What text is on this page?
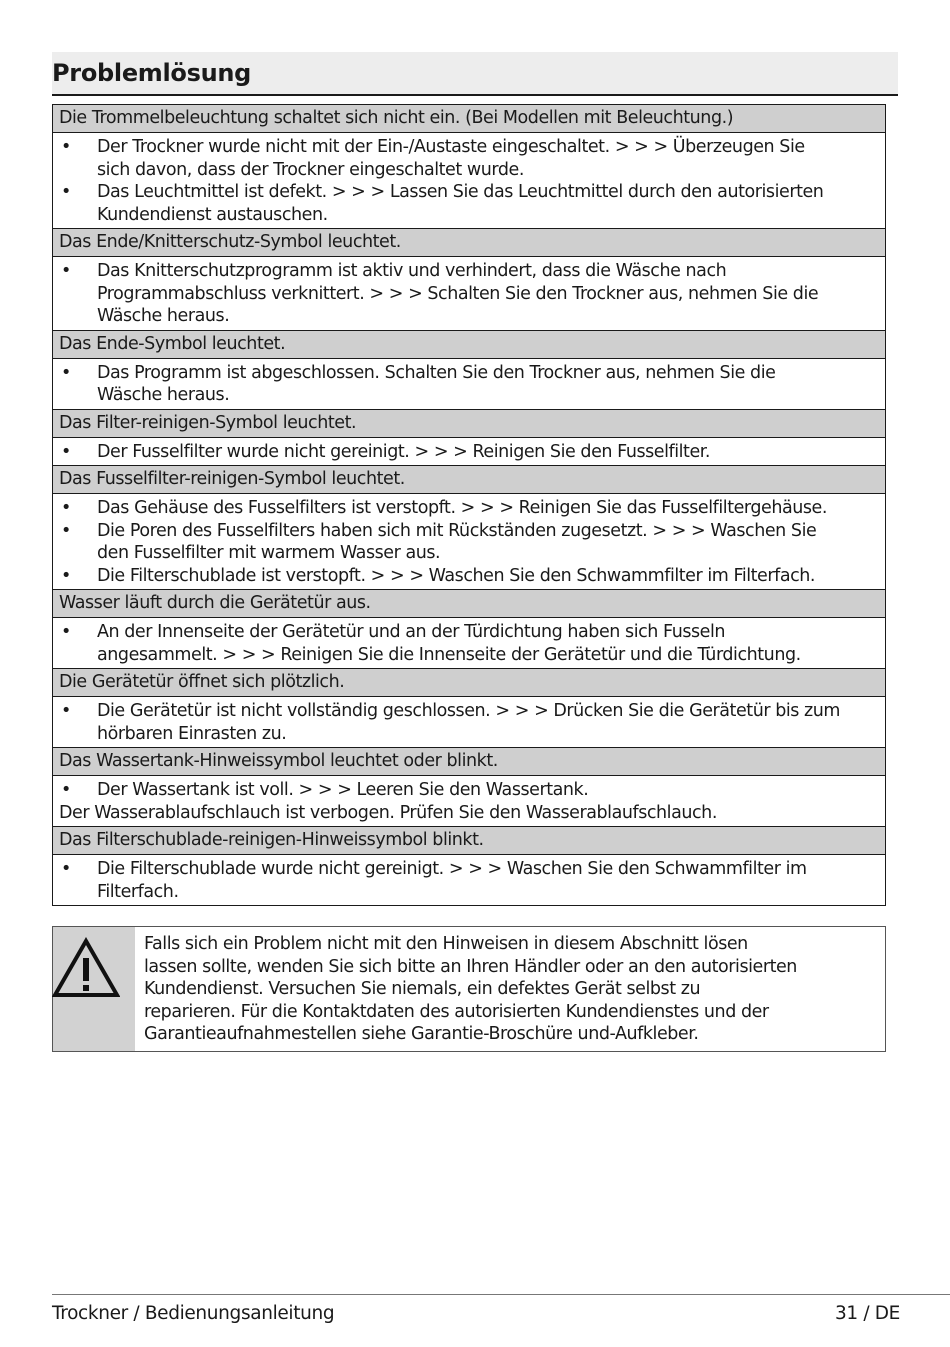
Problemlösung
Die Trommelbeleuchtung schaltet sich nicht ein. (Bei Modellen mit Beleuchtung.)
• Der Trockner wurde nicht mit der Ein-/Austaste eingeschaltet. > > > Überzeugen Sie
sich davon, dass der Trockner eingeschaltet wurde.
• Das Leuchtmittel ist defekt. > > > Lassen Sie das Leuchtmittel durch den autorisierten
Kundendienst austauschen.
Das Ende/Knitterschutz-Symbol leuchtet.
• Das Knitterschutzprogramm ist aktiv und verhindert, dass die Wäsche nach
Programmabschluss verknittert. > > > Schalten Sie den Trockner aus, nehmen Sie die
Wäsche heraus.
Das Ende-Symbol leuchtet.
• Das Programm ist abgeschlossen. Schalten Sie den Trockner aus, nehmen Sie die
Wäsche heraus.
Das Filter-reinigen-Symbol leuchtet.
• Der Fusselfilter wurde nicht gereinigt. > > > Reinigen Sie den Fusselfilter.
Das Fusselfilter-reinigen-Symbol leuchtet.
• Das Gehäuse des Fusselfilters ist verstopft. > > > Reinigen Sie das Fusselfiltergehäuse.
• Die Poren des Fusselfilters haben sich mit Rückständen zugesetzt. > > > Waschen Sie
den Fusselfilter mit warmem Wasser aus.
• Die Filterschublade ist verstopft. > > > Waschen Sie den Schwammfilter im Filterfach.
Wasser läuft durch die Gerätetür aus.
• An der Innenseite der Gerätetür und an der Türdichtung haben sich Fusseln
angesammelt. > > > Reinigen Sie die Innenseite der Gerätetür und die Türdichtung.
Die Gerätetür öffnet sich plötzlich.
• Die Gerätetür ist nicht vollständig geschlossen. > > > Drücken Sie die Gerätetür bis zum
hörbaren Einrasten zu.
Das Wassertank-Hinweissymbol leuchtet oder blinkt.
• Der Wassertank ist voll. > > > Leeren Sie den Wassertank.
Der Wasserablaufschlauch ist verbogen. Prüfen Sie den Wasserablaufschlauch.
Das Filterschublade-reinigen-Hinweissymbol blinkt.
• Die Filterschublade wurde nicht gereinigt. > > > Waschen Sie den Schwammfilter im
Filterfach.
Falls sich ein Problem nicht mit den Hinweisen in diesem Abschnitt lösen
lassen sollte, wenden Sie sich bitte an Ihren Händler oder an den autorisierten
Kundendienst. Versuchen Sie niemals, ein defektes Gerät selbst zu
reparieren. Für die Kontaktdaten des autorisierten Kundendienstes und der
Garantieaufnahmestellen siehe Garantie-Broschüre und-Aufkleber.
Trockner / Bedienungsanleitung	31 / DE
